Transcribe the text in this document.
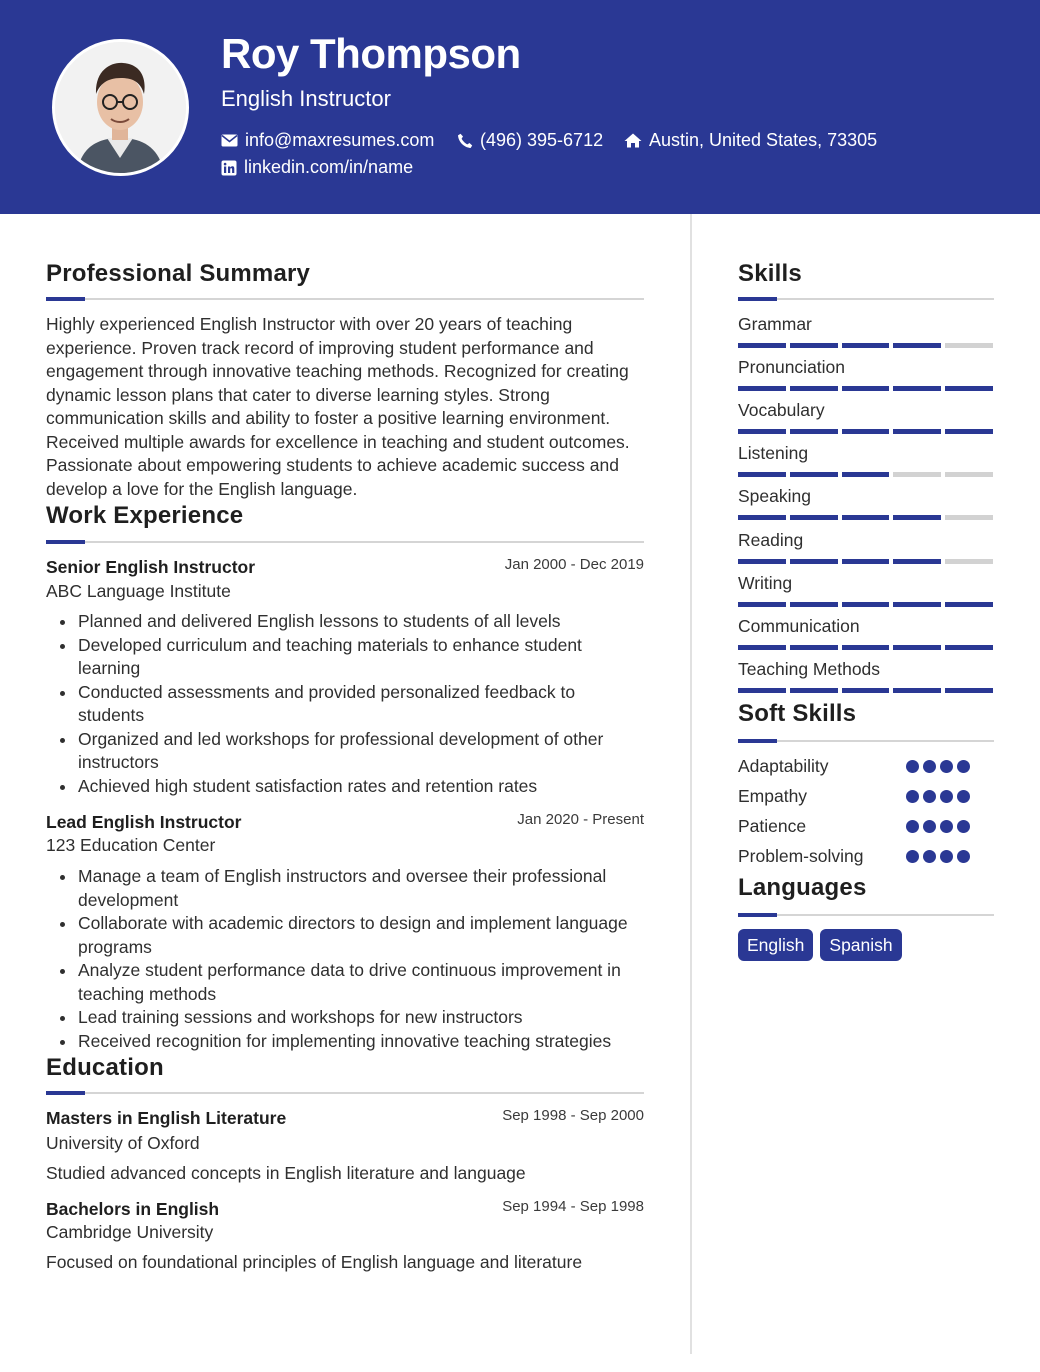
Roy Thompson
English Instructor
info@maxresumes.com	(496) 395-6712	Austin, United States, 73305
linkedin.com/in/name
Professional Summary
Highly experienced English Instructor with over 20 years of teaching experience. Proven track record of improving student performance and engagement through innovative teaching methods. Recognized for creating dynamic lesson plans that cater to diverse learning styles. Strong communication skills and ability to foster a positive learning environment. Received multiple awards for excellence in teaching and student outcomes. Passionate about empowering students to achieve academic success and develop a love for the English language.
Work Experience
Senior English Instructor	Jan 2000 - Dec 2019
ABC Language Institute
Planned and delivered English lessons to students of all levels
Developed curriculum and teaching materials to enhance student learning
Conducted assessments and provided personalized feedback to students
Organized and led workshops for professional development of other instructors
Achieved high student satisfaction rates and retention rates
Lead English Instructor	Jan 2020 - Present
123 Education Center
Manage a team of English instructors and oversee their professional development
Collaborate with academic directors to design and implement language programs
Analyze student performance data to drive continuous improvement in teaching methods
Lead training sessions and workshops for new instructors
Received recognition for implementing innovative teaching strategies
Education
Masters in English Literature	Sep 1998 - Sep 2000
University of Oxford
Studied advanced concepts in English literature and language
Bachelors in English	Sep 1994 - Sep 1998
Cambridge University
Focused on foundational principles of English language and literature
Skills
Grammar
Pronunciation
Vocabulary
Listening
Speaking
Reading
Writing
Communication
Teaching Methods
Soft Skills
Adaptability
Empathy
Patience
Problem-solving
Languages
English	Spanish
